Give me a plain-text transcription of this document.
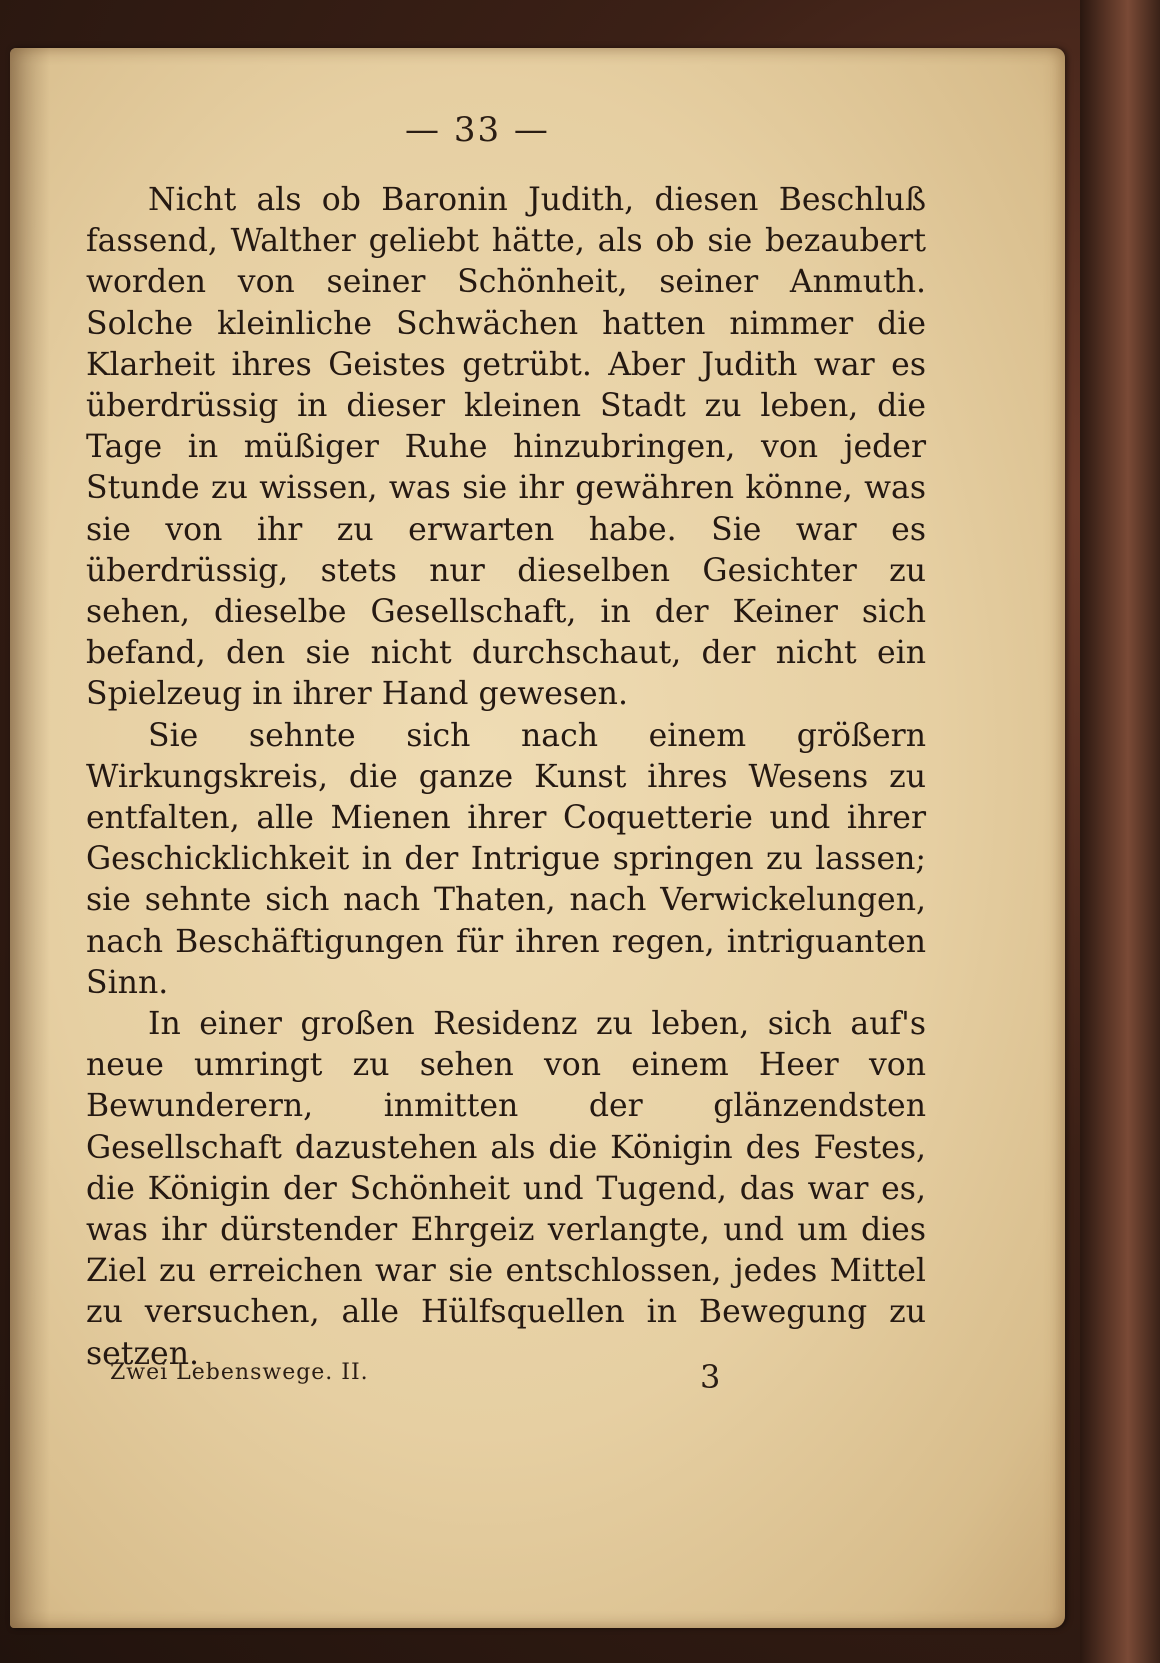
— 33 —

Nicht als ob Baronin Judith, diesen Beschluß fassend, Walther geliebt hätte, als ob sie bezaubert worden von seiner Schönheit, seiner Anmuth. Solche kleinliche Schwächen hatten nimmer die Klarheit ihres Geistes getrübt. Aber Judith war es überdrüssig in dieser kleinen Stadt zu leben, die Tage in müßiger Ruhe hinzubringen, von jeder Stunde zu wissen, was sie ihr gewähren könne, was sie von ihr zu erwarten habe. Sie war es überdrüssig, stets nur dieselben Gesichter zu sehen, dieselbe Gesellschaft, in der Keiner sich befand, den sie nicht durchschaut, der nicht ein Spielzeug in ihrer Hand gewesen.

Sie sehnte sich nach einem größern Wirkungskreis, die ganze Kunst ihres Wesens zu entfalten, alle Mienen ihrer Coquetterie und ihrer Geschicklichkeit in der Intrigue springen zu lassen; sie sehnte sich nach Thaten, nach Verwickelungen, nach Beschäftigungen für ihren regen, intriguanten Sinn.

In einer großen Residenz zu leben, sich auf's neue umringt zu sehen von einem Heer von Bewunderern, inmitten der glänzendsten Gesellschaft dazustehen als die Königin des Festes, die Königin der Schönheit und Tugend, das war es, was ihr dürstender Ehrgeiz verlangte, und um dies Ziel zu erreichen war sie entschlossen, jedes Mittel zu versuchen, alle Hülfsquellen in Bewegung zu setzen.

Zwei Lebenswege. II.	3
